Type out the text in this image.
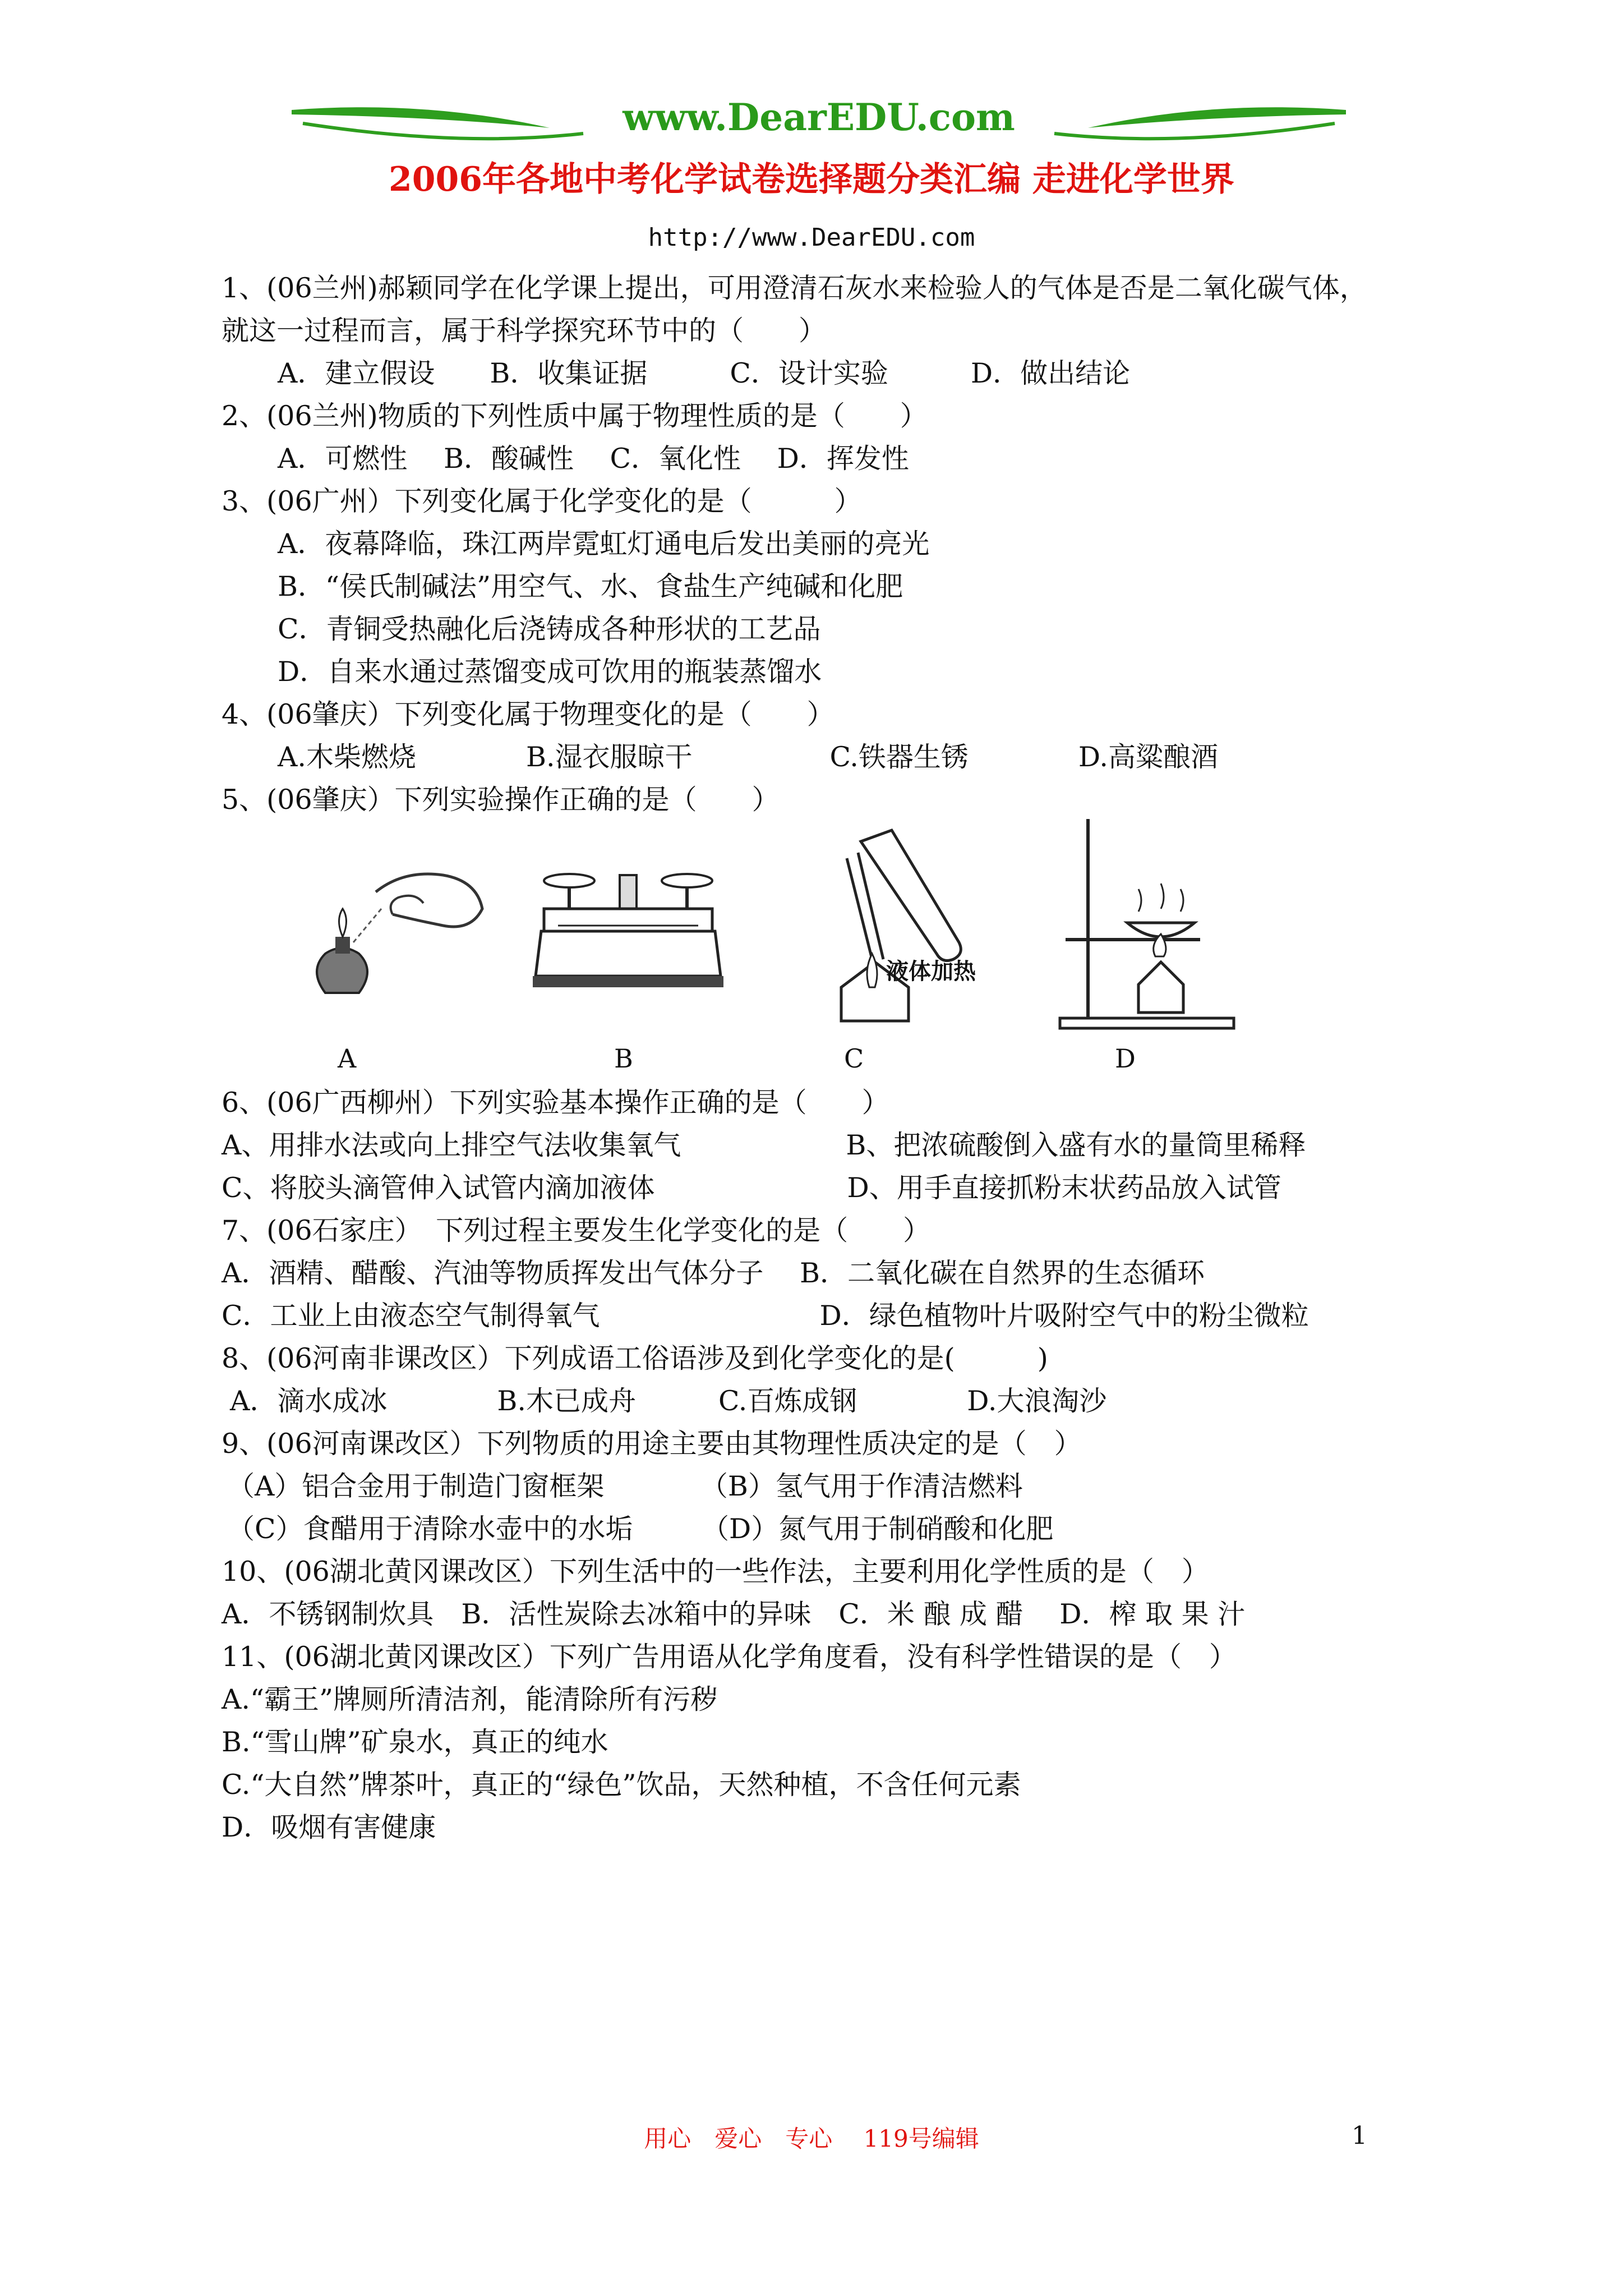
www.DearEDU.com
2006年各地中考化学试卷选择题分类汇编 走进化学世界
http://www.DearEDU.com
1、(06兰州)郝颖同学在化学课上提出，可用澄清石灰水来检验人的气体是否是二氧化碳气体，
就这一过程而言，属于科学探究环节中的（　　）
A．建立假设　　B．收集证据　　　C．设计实验　　　D．做出结论
2、(06兰州)物质的下列性质中属于物理性质的是（　　）
A．可燃性　 B．酸碱性　 C．氧化性　 D．挥发性
3、(06广州）下列变化属于化学变化的是（　　　）
A．夜幕降临，珠江两岸霓虹灯通电后发出美丽的亮光
B．“侯氏制碱法”用空气、水、食盐生产纯碱和化肥
C．青铜受热融化后浇铸成各种形状的工艺品
D．自来水通过蒸馏变成可饮用的瓶装蒸馏水
4、(06肇庆）下列变化属于物理变化的是（　　）
A.木柴燃烧　　　　B.湿衣服晾干　　　　　C.铁器生锈　　　　D.高粱酿酒
5、(06肇庆）下列实验操作正确的是（　　）
A	B
液体加热
C	D
6、(06广西柳州）下列实验基本操作正确的是（　　）
A、用排水法或向上排空气法收集氧气　　　　　　B、把浓硫酸倒入盛有水的量筒里稀释
C、将胶头滴管伸入试管内滴加液体　　　　　　　D、用手直接抓粉末状药品放入试管
7、(06石家庄）　下列过程主要发生化学变化的是（　　）
A．酒精、醋酸、汽油等物质挥发出气体分子　 B．二氧化碳在自然界的生态循环
C．工业上由液态空气制得氧气　　　　　　　　D．绿色植物叶片吸附空气中的粉尘微粒
8、(06河南非课改区）下列成语工俗语涉及到化学变化的是(　　　)
A．滴水成冰　　　　B.木已成舟　　　C.百炼成钢　　　　D.大浪淘沙
9、(06河南课改区）下列物质的用途主要由其物理性质决定的是（　）
（A）铝合金用于制造门窗框架　　　　（B）氢气用于作清洁燃料
（C）食醋用于清除水壶中的水垢　　　（D）氮气用于制硝酸和化肥
10、(06湖北黄冈课改区）下列生活中的一些作法，主要利用化学性质的是（　）
A．不锈钢制炊具　B．活性炭除去冰箱中的异味　C．米 酿 成 醋　 D．榨 取 果 汁
11、(06湖北黄冈课改区）下列广告用语从化学角度看，没有科学性错误的是（　）
A.“霸王”牌厕所清洁剂，能清除所有污秽
B.“雪山牌”矿泉水，真正的纯水
C.“大自然”牌茶叶，真正的“绿色”饮品，天然种植，不含任何元素
D．吸烟有害健康
用心　爱心　专心　 119号编辑	1
